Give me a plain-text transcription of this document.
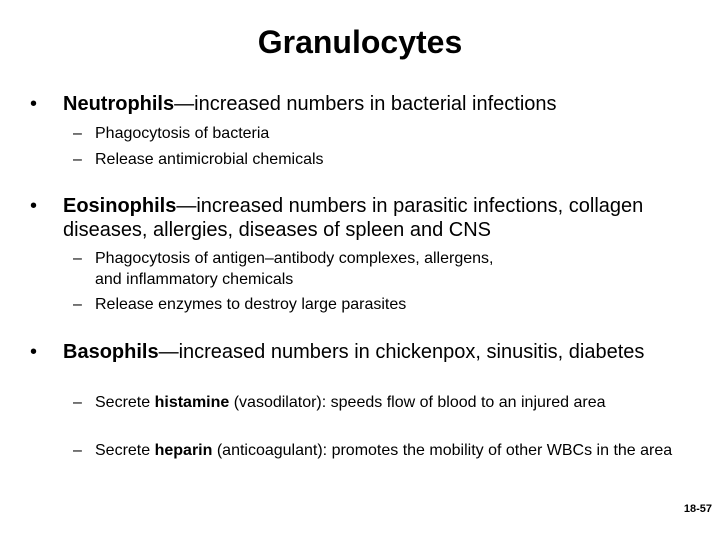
Granulocytes
• Neutrophils—increased numbers in bacterial infections
– Phagocytosis of bacteria
– Release antimicrobial chemicals
• Eosinophils—increased numbers in parasitic infections, collagen diseases, allergies, diseases of spleen and CNS
– Phagocytosis of antigen–antibody complexes, allergens, and inflammatory chemicals
– Release enzymes to destroy large parasites
• Basophils—increased numbers in chickenpox, sinusitis, diabetes
– Secrete histamine (vasodilator): speeds flow of blood to an injured area
– Secrete heparin (anticoagulant): promotes the mobility of other WBCs in the area
18-57
